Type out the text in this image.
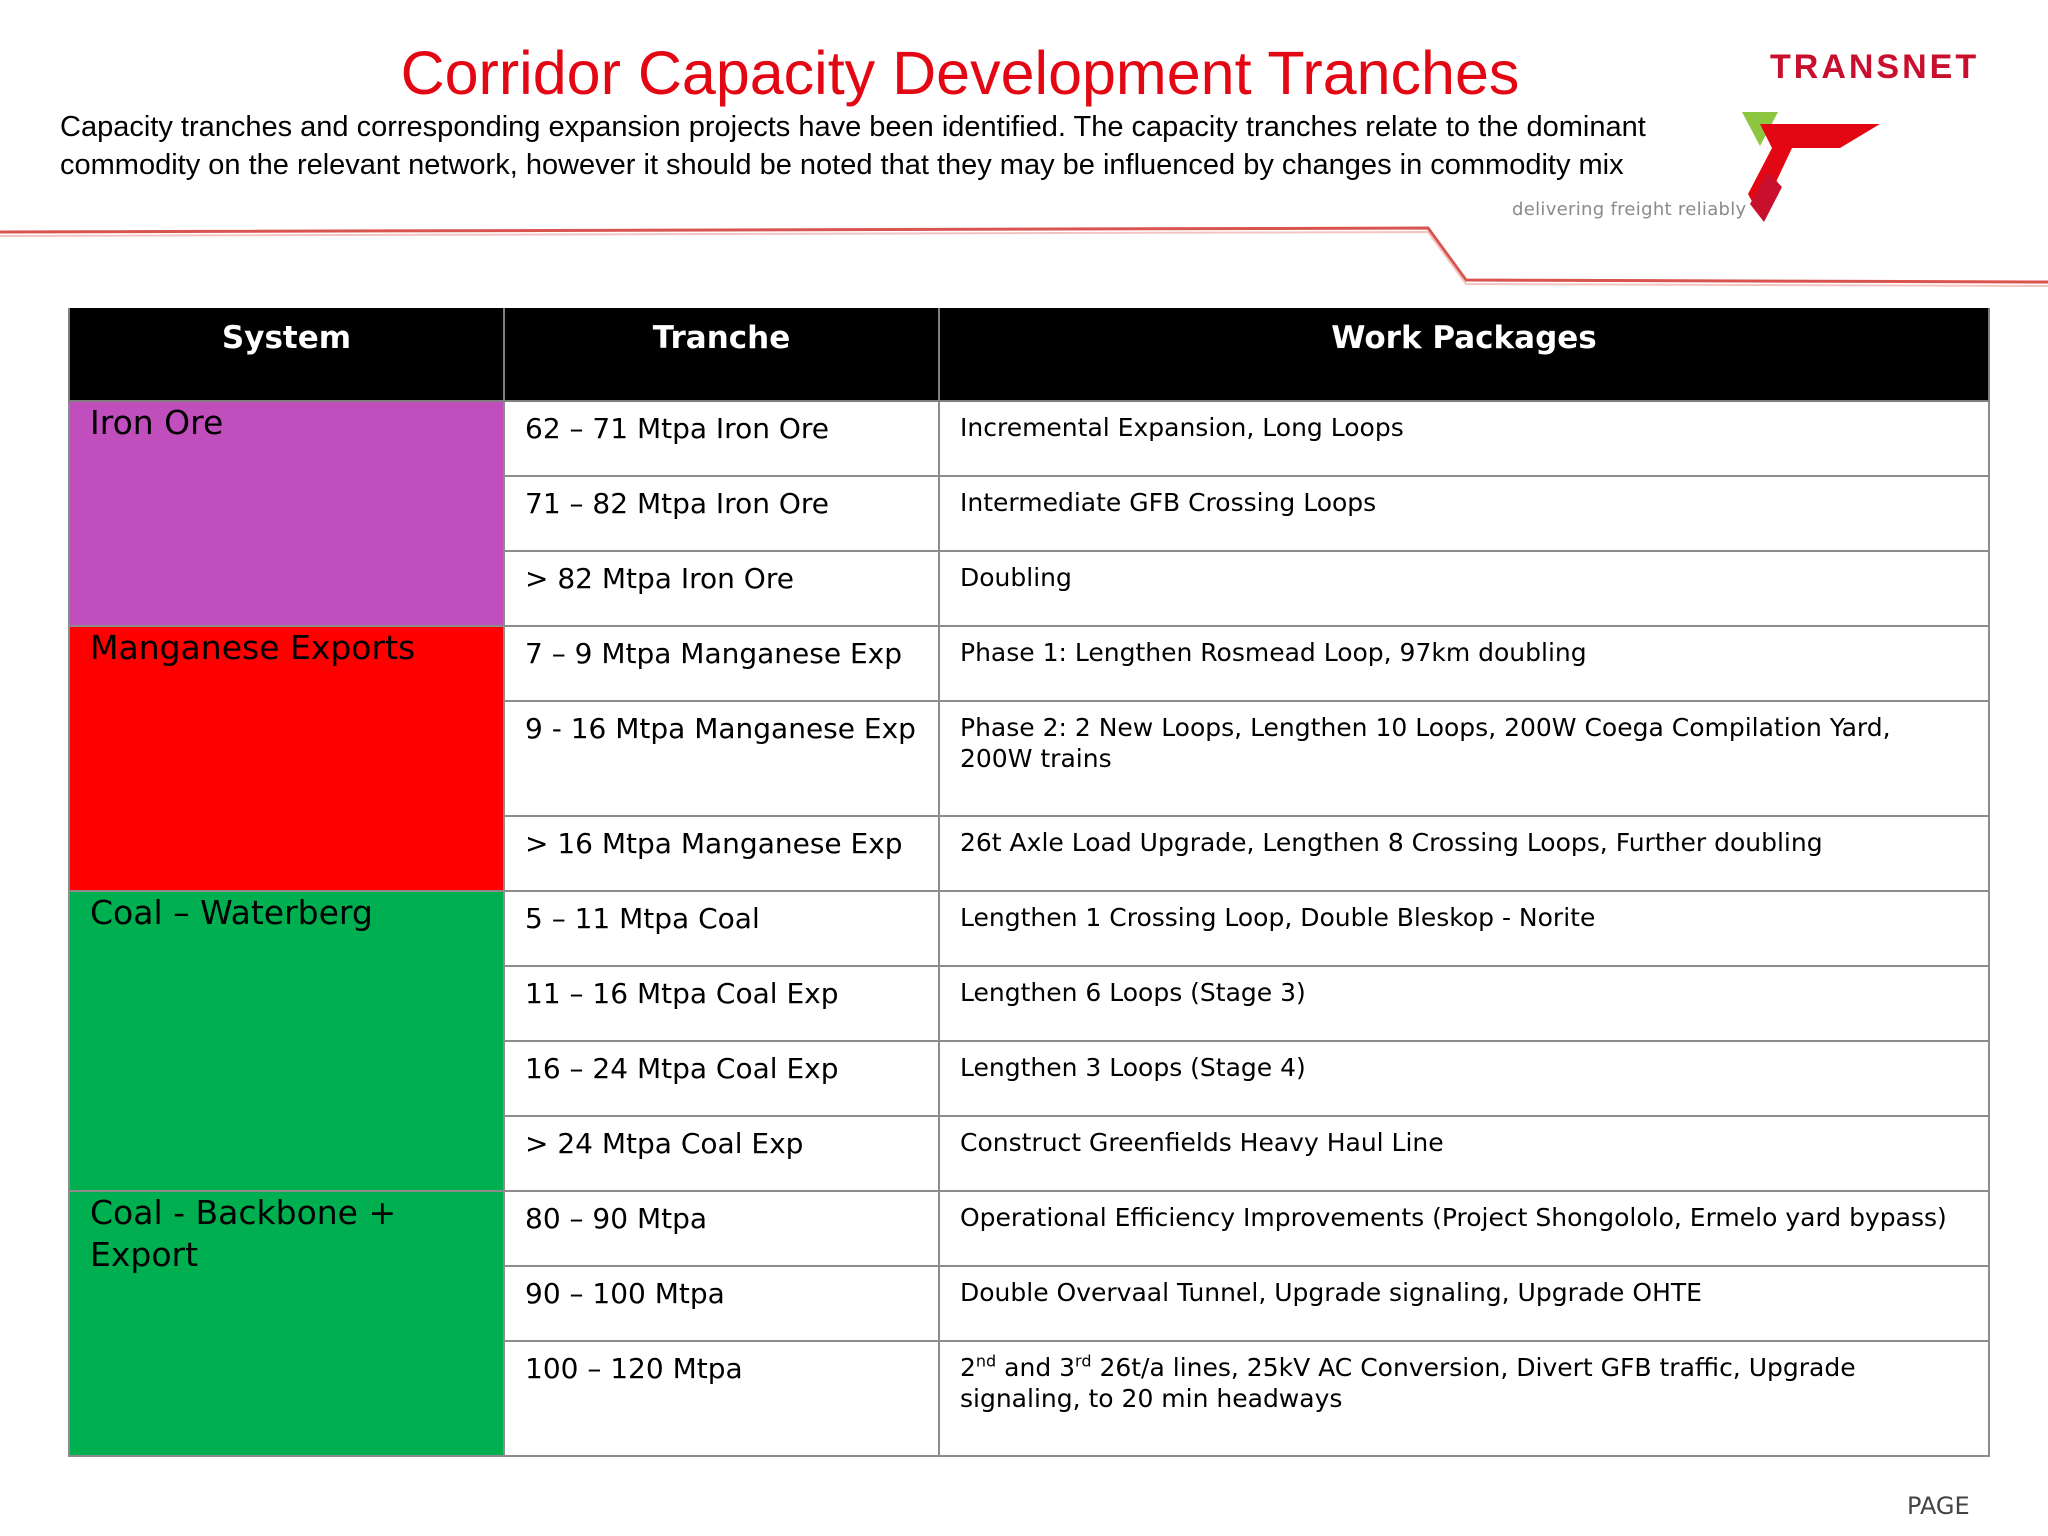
Corridor Capacity Development Tranches

Capacity tranches and corresponding expansion projects have been identified. The capacity tranches relate to the dominant
commodity on the relevant network, however it should be noted that they may be influenced by changes in commodity mix

TRANSNET
delivering freight reliably
System	Tranche	Work Packages
Iron Ore	62 – 71 Mtpa Iron Ore	Incremental Expansion, Long Loops
	71 – 82 Mtpa Iron Ore	Intermediate GFB Crossing Loops
	> 82 Mtpa Iron Ore	Doubling
Manganese Exports	7 – 9 Mtpa Manganese Exp	Phase 1: Lengthen Rosmead Loop, 97km doubling
	9 - 16 Mtpa Manganese Exp	Phase 2: 2 New Loops, Lengthen 10 Loops, 200W Coega Compilation Yard, 200W trains
	> 16 Mtpa Manganese Exp	26t Axle Load Upgrade, Lengthen 8 Crossing Loops, Further doubling
Coal – Waterberg	5 – 11 Mtpa Coal	Lengthen 1 Crossing Loop, Double Bleskop - Norite
	11 – 16 Mtpa Coal Exp	Lengthen 6 Loops (Stage 3)
	16 – 24 Mtpa Coal Exp	Lengthen 3 Loops (Stage 4)
	> 24 Mtpa Coal Exp	Construct Greenfields Heavy Haul Line
Coal - Backbone + Export	80 – 90 Mtpa	Operational Efficiency Improvements (Project Shongololo, Ermelo yard bypass)
	90 – 100 Mtpa	Double Overvaal Tunnel, Upgrade signaling, Upgrade OHTE
	100 – 120 Mtpa	2nd and 3rd 26t/a lines, 25kV AC Conversion, Divert GFB traffic, Upgrade signaling, to 20 min headways
PAGE
